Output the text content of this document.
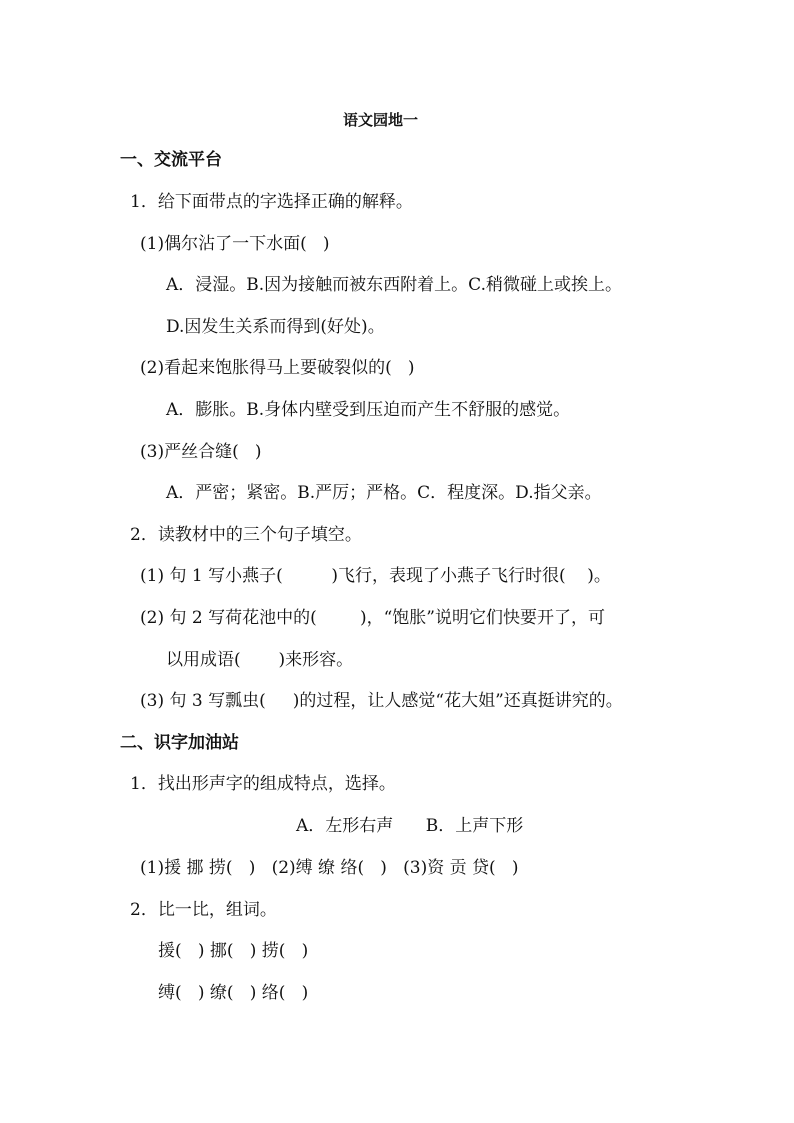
语文园地一
一、交流平台
1．给下面带点的字选择正确的解释。
(1)偶尔沾了一下水面(   )
A．浸湿。B.因为接触而被东西附着上。C.稍微碰上或挨上。
D.因发生关系而得到(好处)。
(2)看起来饱胀得马上要破裂似的(   )
A．膨胀。B.身体内壁受到压迫而产生不舒服的感觉。
(3)严丝合缝(   )
A．严密；紧密。B.严厉；严格。C．程度深。D.指父亲。
2．读教材中的三个句子填空。
(1) 句 1 写小燕子(         )飞行，表现了小燕子飞行时很(    )。
(2) 句 2 写荷花池中的(        )，“饱胀”说明它们快要开了，可
以用成语(       )来形容。
(3) 句 3 写瓢虫(     )的过程，让人感觉“花大姐”还真挺讲究的。
二、识字加油站
1．找出形声字的组成特点，选择。
A．左形右声      B．上声下形
(1)援 挪 捞(   )   (2)缚 缭 络(   )   (3)资 贡 贷(   )
2．比一比，组词。
援(   ) 挪(   ) 捞(   )
缚(   ) 缭(   ) 络(   )
